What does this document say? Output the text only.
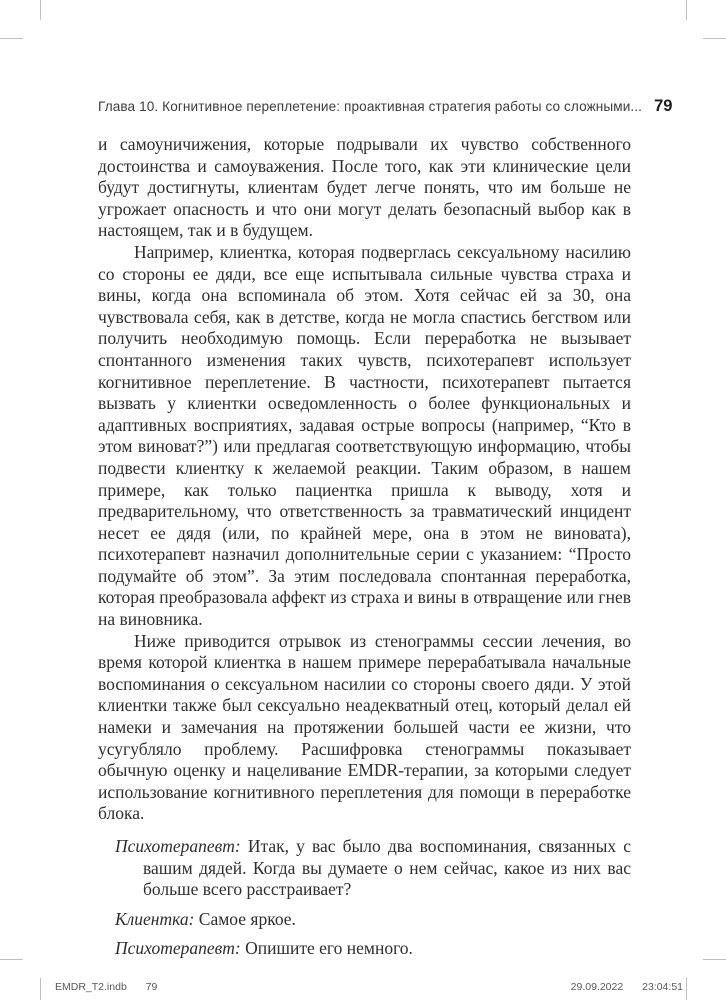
Глава 10. Когнитивное переплетение: проактивная стратегия работы со сложными... 79

и самоуничижения, которые подрывали их чувство собственного достоинства и самоуважения. После того, как эти клинические цели будут достигнуты, клиентам будет легче понять, что им больше не угрожает опасность и что они могут делать безопасный выбор как в настоящем, так и в будущем.

Например, клиентка, которая подверглась сексуальному насилию со стороны ее дяди, все еще испытывала сильные чувства страха и вины, когда она вспоминала об этом. Хотя сейчас ей за 30, она чувствовала себя, как в детстве, когда не могла спастись бегством или получить необходимую помощь. Если переработка не вызывает спонтанного изменения таких чувств, психотерапевт использует когнитивное переплетение. В частности, психотерапевт пытается вызвать у клиентки осведомленность о более функциональных и адаптивных восприятиях, задавая острые вопросы (например, “Кто в этом виноват?”) или предлагая соответствующую информацию, чтобы подвести клиентку к желаемой реакции. Таким образом, в нашем примере, как только пациентка пришла к выводу, хотя и предварительному, что ответственность за травматический инцидент несет ее дядя (или, по крайней мере, она в этом не виновата), психотерапевт назначил дополнительные серии с указанием: “Просто подумайте об этом”. За этим последовала спонтанная переработка, которая преобразовала аффект из страха и вины в отвращение или гнев на виновника.

Ниже приводится отрывок из стенограммы сессии лечения, во время которой клиентка в нашем примере перерабатывала начальные воспоминания о сексуальном насилии со стороны своего дяди. У этой клиентки также был сексуально неадекватный отец, который делал ей намеки и замечания на протяжении большей части ее жизни, что усугубляло проблему. Расшифровка стенограммы показывает обычную оценку и нацеливание EMDR-терапии, за которыми следует использование когнитивного переплетения для помощи в переработке блока.

Психотерапевт: Итак, у вас было два воспоминания, связанных с вашим дядей. Когда вы думаете о нем сейчас, какое из них вас больше всего расстраивает?

Клиентка: Самое яркое.

Психотерапевт: Опишите его немного.

EMDR_T2.indb 79	29.09.2022 23:04:51
